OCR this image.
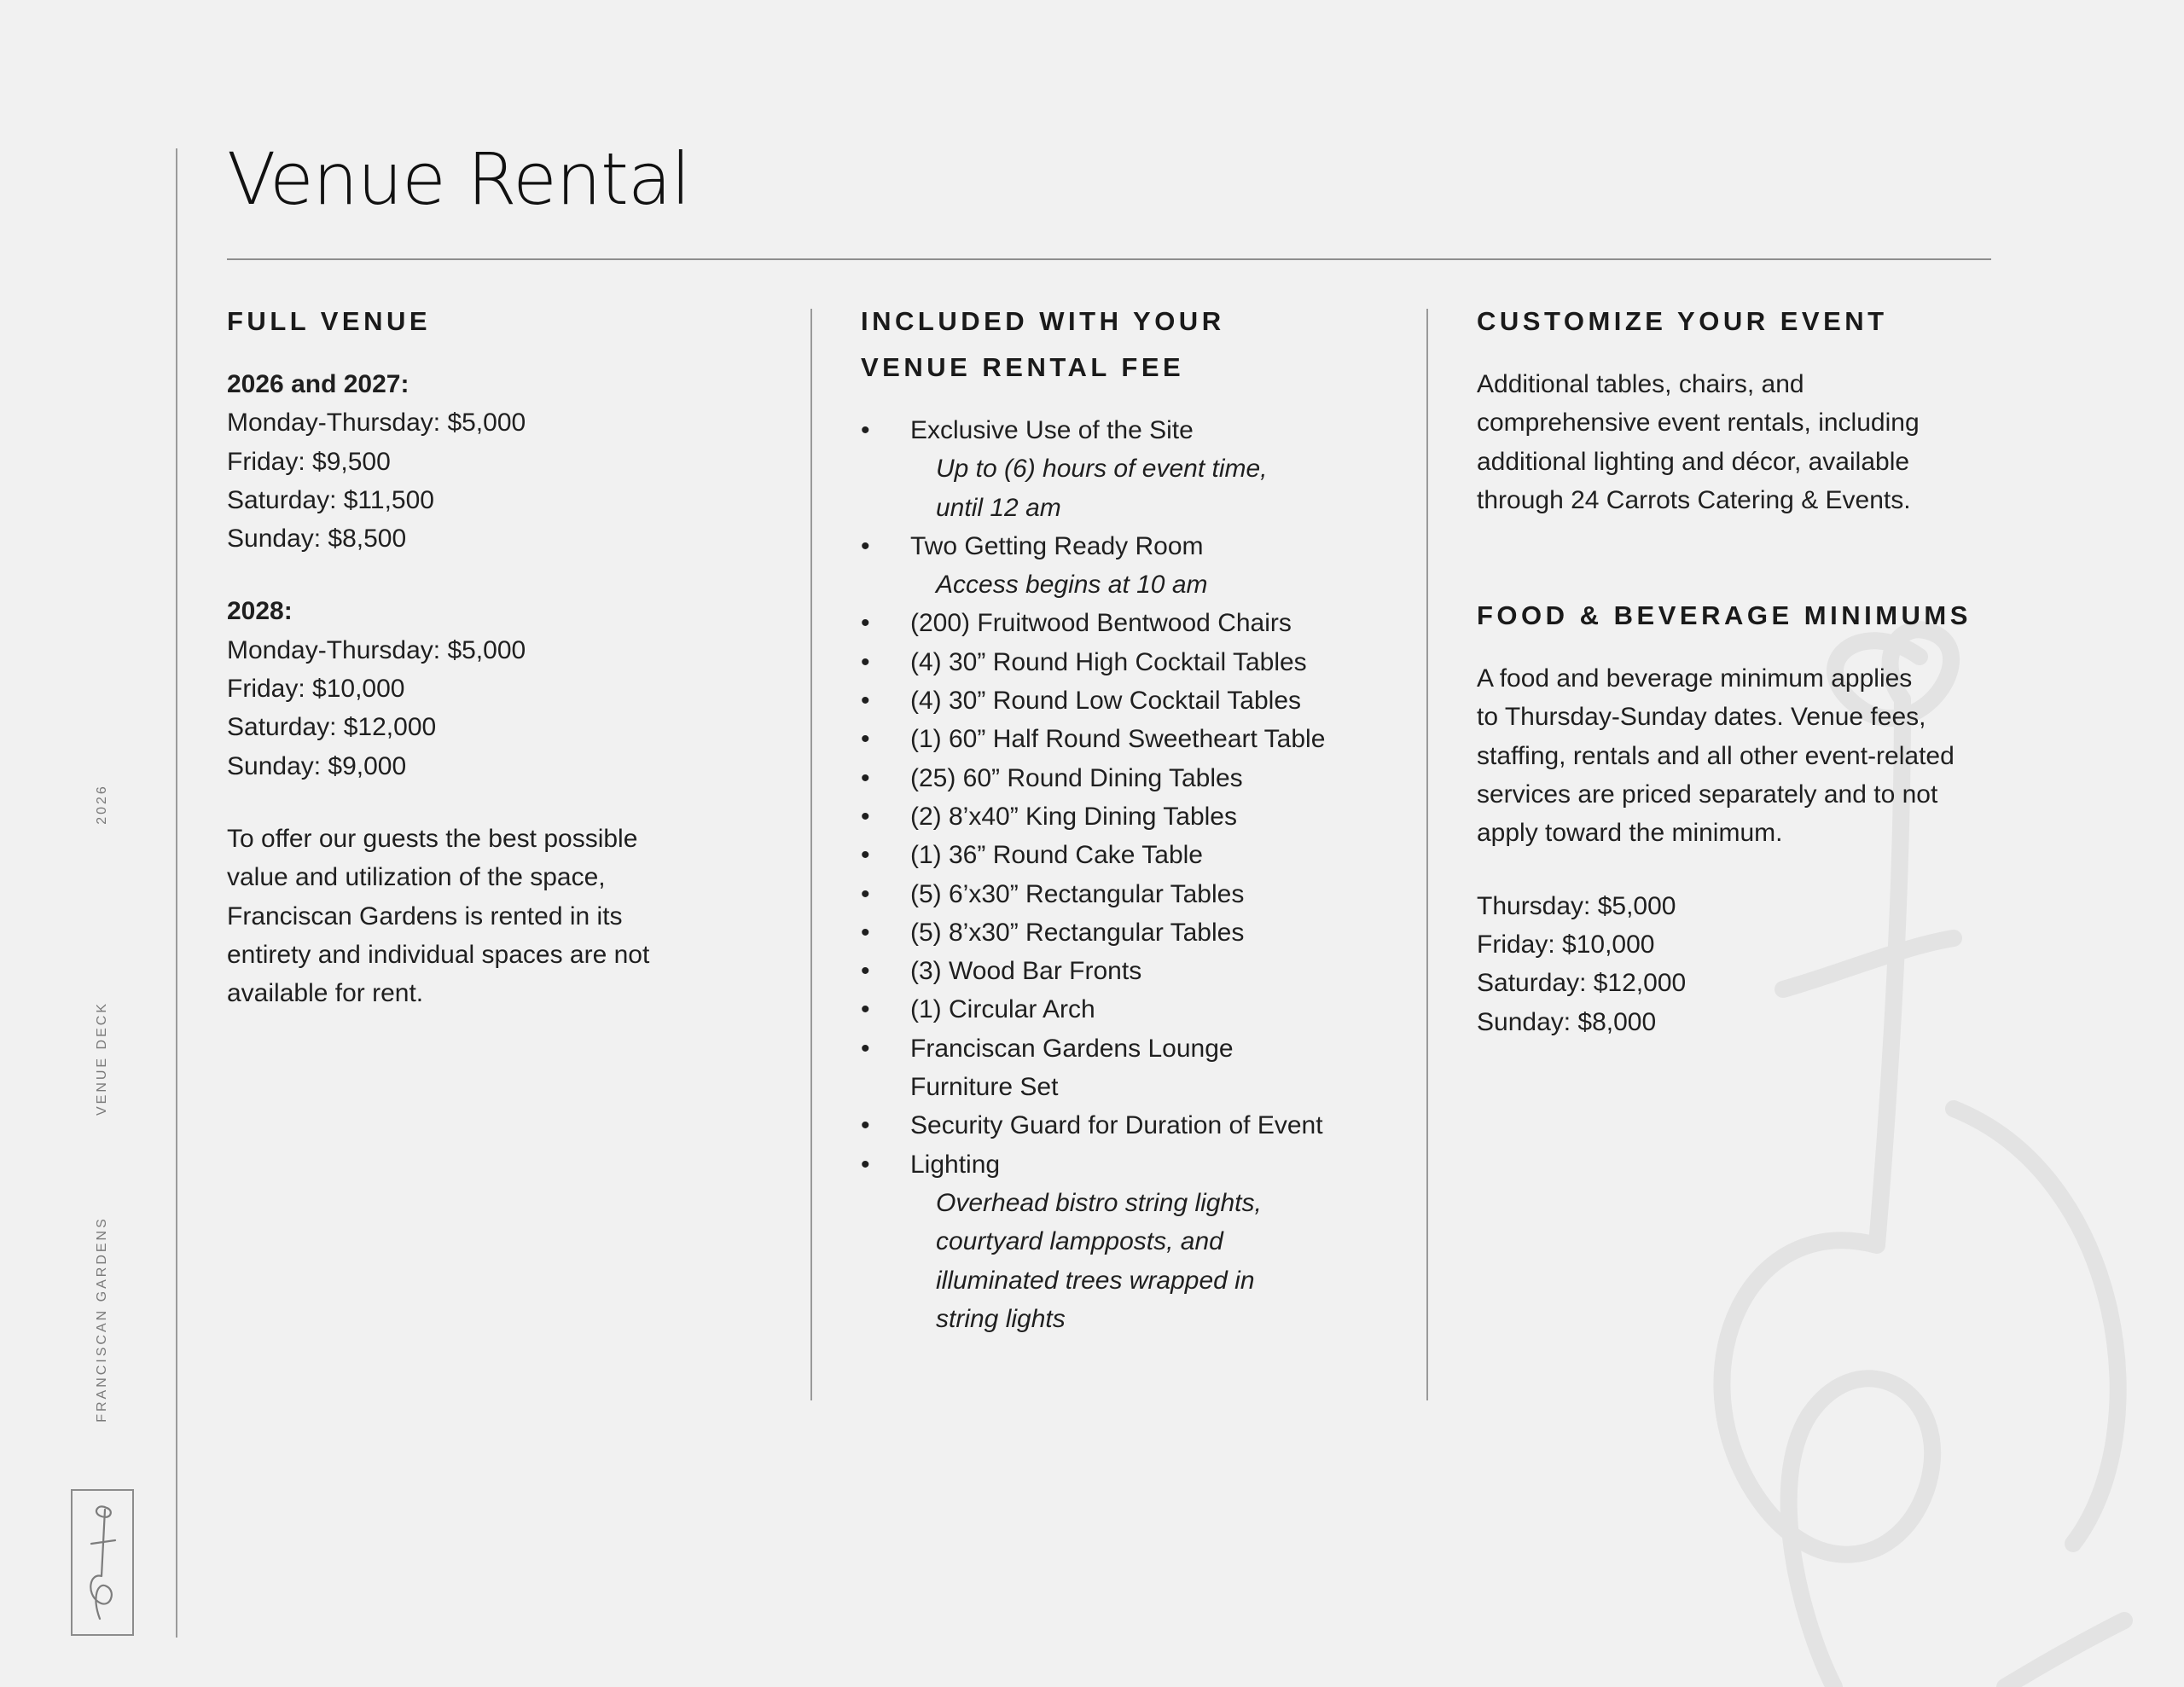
2026
VENUE DECK
FRANCISCAN GARDENS
Venue Rental
FULL VENUE
2026 and 2027:
Monday-Thursday: $5,000
Friday: $9,500
Saturday: $11,500
Sunday: $8,500
2028:
Monday-Thursday: $5,000
Friday: $10,000
Saturday: $12,000
Sunday: $9,000
To offer our guests the best possible
value and utilization of the space,
Franciscan Gardens is rented in its
entirety and individual spaces are not
available for rent.
INCLUDED WITH YOUR
VENUE RENTAL FEE
• Exclusive Use of the Site
Up to (6) hours of event time,
until 12 am
• Two Getting Ready Room
Access begins at 10 am
• (200) Fruitwood Bentwood Chairs
• (4) 30” Round High Cocktail Tables
• (4) 30” Round Low Cocktail Tables
• (1) 60” Half Round Sweetheart Table
• (25) 60” Round Dining Tables
• (2) 8’x40” King Dining Tables
• (1) 36” Round Cake Table
• (5) 6’x30” Rectangular Tables
• (5) 8’x30” Rectangular Tables
• (3) Wood Bar Fronts
• (1) Circular Arch
• Franciscan Gardens Lounge
Furniture Set
• Security Guard for Duration of Event
• Lighting
Overhead bistro string lights,
courtyard lampposts, and
illuminated trees wrapped in
string lights
CUSTOMIZE YOUR EVENT
Additional tables, chairs, and
comprehensive event rentals, including
additional lighting and décor, available
through 24 Carrots Catering & Events.
FOOD & BEVERAGE MINIMUMS
A food and beverage minimum applies
to Thursday-Sunday dates. Venue fees,
staffing, rentals and all other event-related
services are priced separately and to not
apply toward the minimum.
Thursday: $5,000
Friday: $10,000
Saturday: $12,000
Sunday: $8,000
